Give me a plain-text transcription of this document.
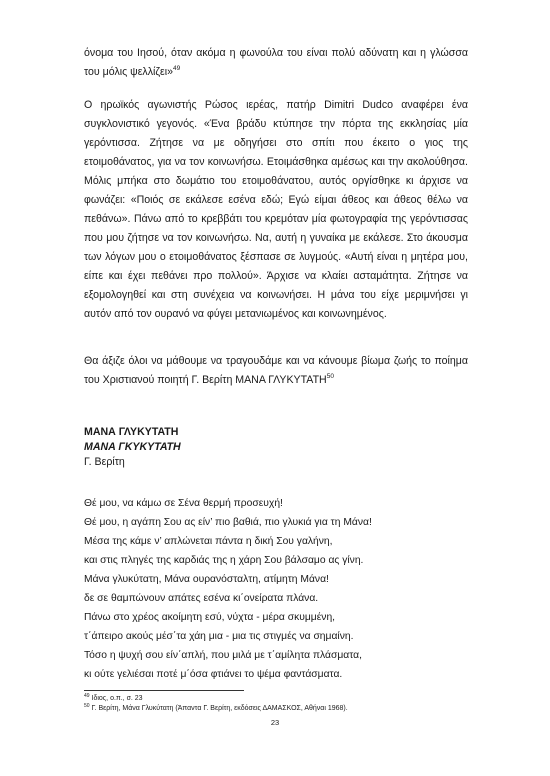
όνομα του Ιησού, όταν ακόμα η φωνούλα του είναι πολύ αδύνατη και η γλώσσα του μόλις ψελλίζει»$^{49}$

Ο ηρωϊκός αγωνιστής Ρώσος ιερέας, πατήρ Dimitri Dudco αναφέρει ένα συγκλονιστικό γεγονός. «Ένα βράδυ κτύπησε την πόρτα της εκκλησίας μία γερόντισσα. Ζήτησε να με οδηγήσει στο σπίτι που έκειτο ο γιος της ετοιμοθάνατος, για να τον κοινωνήσω. Ετοιμάσθηκα αμέσως και την ακολούθησα. Μόλις μπήκα στο δωμάτιο του ετοιμοθάνατου, αυτός οργίσθηκε κι άρχισε να φωνάζει: «Ποιός σε εκάλεσε εσένα εδώ; Εγώ είμαι άθεος και άθεος θέλω να πεθάνω». Πάνω από το κρεββάτι του κρεμόταν μία φωτογραφία της γερόντισσας που μου ζήτησε να τον κοινωνήσω. Να, αυτή η γυναίκα με εκάλεσε. Στο άκουσμα των λόγων μου ο ετοιμοθάνατος ξέσπασε σε λυγμούς. «Αυτή είναι η μητέρα μου, είπε και έχει πεθάνει προ πολλού». Άρχισε να κλαίει ασταμάτητα. Ζήτησε να εξομολογηθεί και στη συνέχεια να κοινωνήσει. Η μάνα του είχε μεριμνήσει γι αυτόν από τον ουρανό να φύγει μετανιωμένος και κοινωνημένος.

Θα άξιζε όλοι να μάθουμε να τραγουδάμε και να κάνουμε βίωμα ζωής το ποίημα του Χριστιανού ποιητή Γ. Βερίτη ΜΑΝΑ ΓΛΥΚΥΤΑΤΗ$^{50}$

ΜΑΝΑ ΓΛΥΚΥΤΑΤΗ
ΜΑΝΑ ΓΚΥΚΥΤΑΤΗ
Γ. Βερίτη
Θέ μου, να κάμω σε Σένα θερμή προσευχή!
Θέ μου, η αγάπη Σου ας είν’ πιο βαθιά, πιο γλυκιά για τη Μάνα!
Μέσα της κάμε ν’ απλώνεται πάντα η δική Σου γαλήνη,
και στις πληγές της καρδιάς της η χάρη Σου βάλσαμο ας γίνη.
Μάνα γλυκύτατη, Μάνα ουρανόσταλτη, ατίμητη Μάνα!
δε σε θαμπώνουν απάτες εσένα κι΄ονείρατα πλάνα.
Πάνω στο χρέος ακοίμητη εσύ, νύχτα - μέρα σκυμμένη,
τ΄άπειρο ακούς μέσ΄τα χάη μια - μια τις στιγμές να σημαίνη.
Τόσο η ψυχή σου είν΄απλή, που μιλά με τ΄αμίλητα πλάσματα,
κι ούτε γελιέσαι ποτέ μ΄όσα φτιάνει το ψέμα φαντάσματα.
$^{49}$ Ιδιος, ο.π., σ. 23
$^{50}$ Γ. Βερίτη, Μάνα Γλυκύτατη (Άπαντα Γ. Βερίτη, εκδόσεις ΔΑΜΑΣΚΟΣ, Αθήναι 1968).
23
